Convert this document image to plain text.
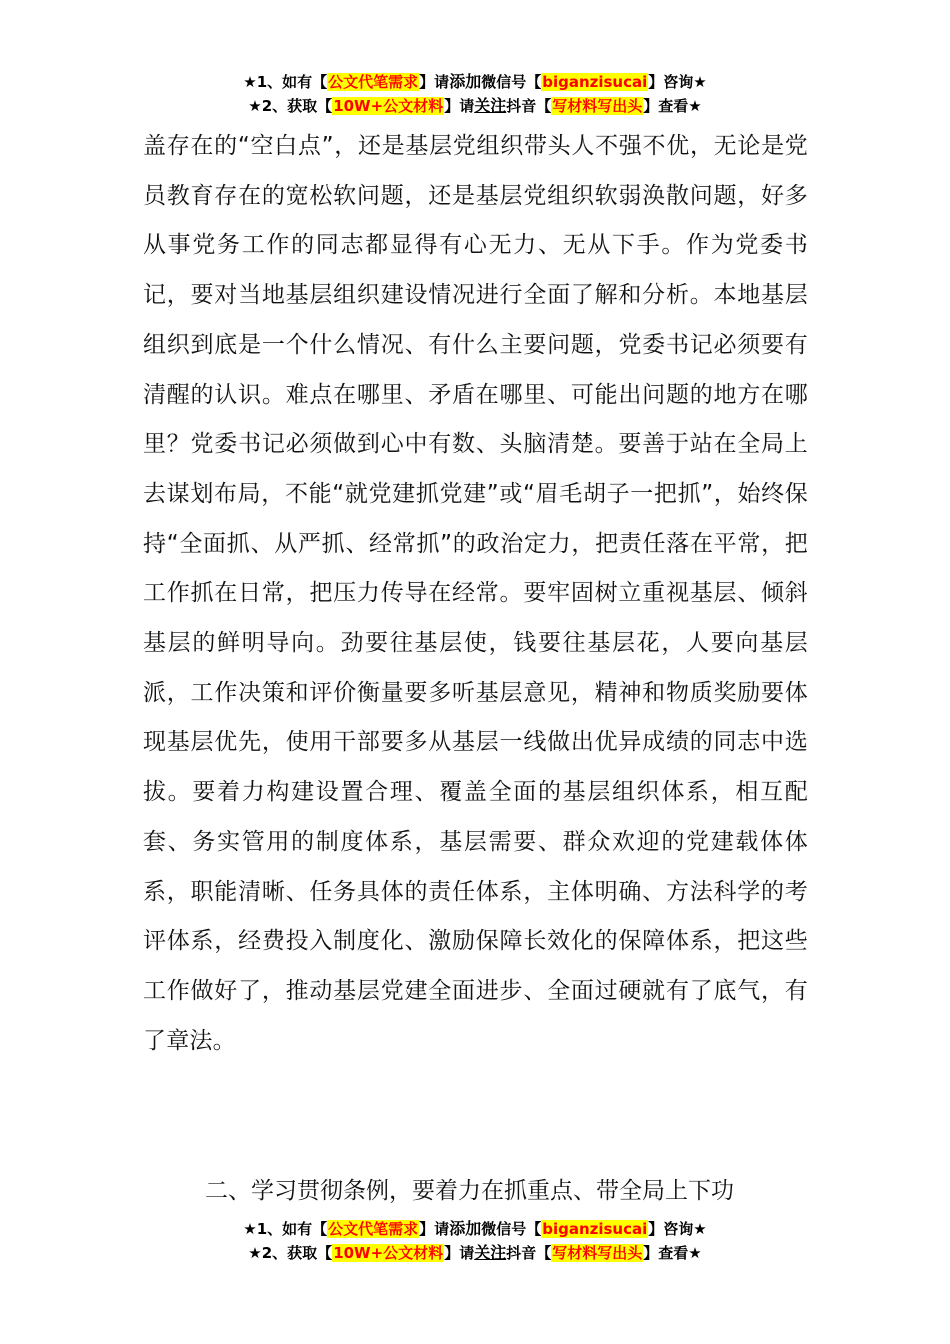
★1、如有【公文代笔需求】请添加微信号【biganzisucai】咨询★
★2、获取【10W+公文材料】请关注抖音【写材料写出头】查看★
盖存在的“空白点”，还是基层党组织带头人不强不优，无论是党员教育存在的宽松软问题，还是基层党组织软弱涣散问题，好多从事党务工作的同志都显得有心无力、无从下手。作为党委书记，要对当地基层组织建设情况进行全面了解和分析。本地基层组织到底是一个什么情况、有什么主要问题，党委书记必须要有清醒的认识。难点在哪里、矛盾在哪里、可能出问题的地方在哪里？党委书记必须做到心中有数、头脑清楚。要善于站在全局上去谋划布局，不能“就党建抓党建”或“眉毛胡子一把抓”，始终保持“全面抓、从严抓、经常抓”的政治定力，把责任落在平常，把工作抓在日常，把压力传导在经常。要牢固树立重视基层、倾斜基层的鲜明导向。劲要往基层使，钱要往基层花，人要向基层派，工作决策和评价衡量要多听基层意见，精神和物质奖励要体现基层优先，使用干部要多从基层一线做出优异成绩的同志中选拔。要着力构建设置合理、覆盖全面的基层组织体系，相互配套、务实管用的制度体系，基层需要、群众欢迎的党建载体体系，职能清晰、任务具体的责任体系，主体明确、方法科学的考评体系，经费投入制度化、激励保障长效化的保障体系，把这些工作做好了，推动基层党建全面进步、全面过硬就有了底气，有了章法。
二、学习贯彻条例，要着力在抓重点、带全局上下功
★1、如有【公文代笔需求】请添加微信号【biganzisucai】咨询★
★2、获取【10W+公文材料】请关注抖音【写材料写出头】查看★
